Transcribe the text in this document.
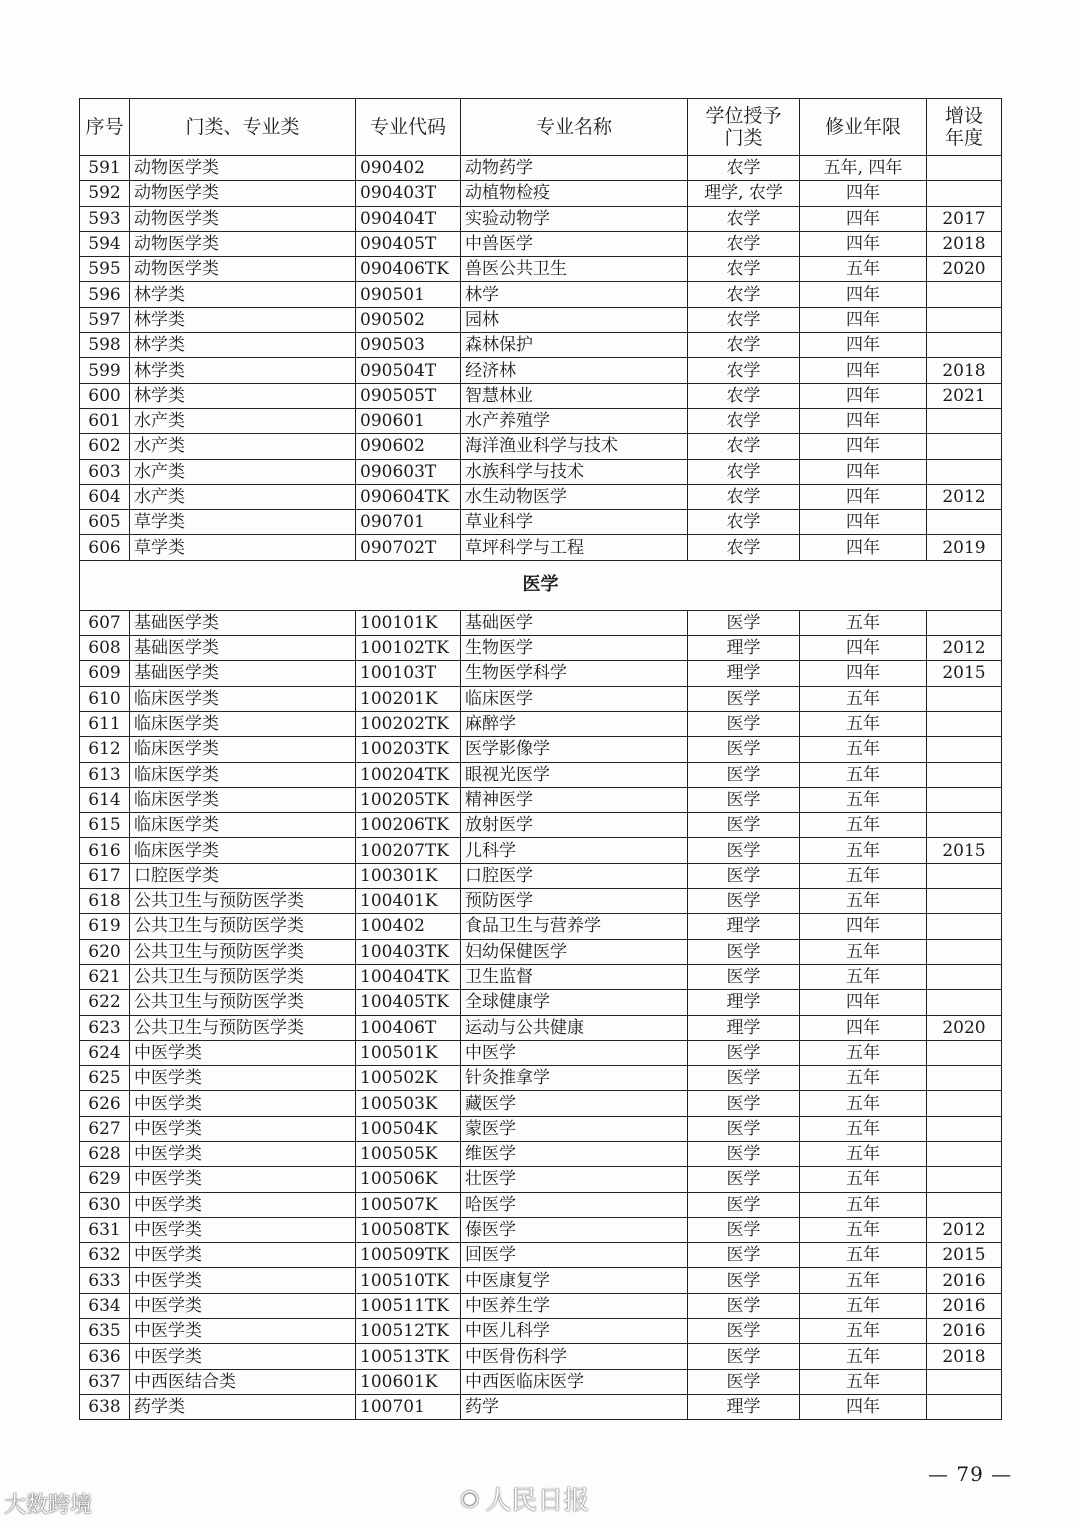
序号	门类、专业类	专业代码	专业名称	学位授予门类	修业年限	增设年度
591	动物医学类	090402	动物药学	农学	五年, 四年	
592	动物医学类	090403T	动植物检疫	理学, 农学	四年	
593	动物医学类	090404T	实验动物学	农学	四年	2017
594	动物医学类	090405T	中兽医学	农学	四年	2018
595	动物医学类	090406TK	兽医公共卫生	农学	五年	2020
596	林学类	090501	林学	农学	四年	
597	林学类	090502	园林	农学	四年	
598	林学类	090503	森林保护	农学	四年	
599	林学类	090504T	经济林	农学	四年	2018
600	林学类	090505T	智慧林业	农学	四年	2021
601	水产类	090601	水产养殖学	农学	四年	
602	水产类	090602	海洋渔业科学与技术	农学	四年	
603	水产类	090603T	水族科学与技术	农学	四年	
604	水产类	090604TK	水生动物医学	农学	四年	2012
605	草学类	090701	草业科学	农学	四年	
606	草学类	090702T	草坪科学与工程	农学	四年	2019
医学						
607	基础医学类	100101K	基础医学	医学	五年	
608	基础医学类	100102TK	生物医学	理学	四年	2012
609	基础医学类	100103T	生物医学科学	理学	四年	2015
610	临床医学类	100201K	临床医学	医学	五年	
611	临床医学类	100202TK	麻醉学	医学	五年	
612	临床医学类	100203TK	医学影像学	医学	五年	
613	临床医学类	100204TK	眼视光医学	医学	五年	
614	临床医学类	100205TK	精神医学	医学	五年	
615	临床医学类	100206TK	放射医学	医学	五年	
616	临床医学类	100207TK	儿科学	医学	五年	2015
617	口腔医学类	100301K	口腔医学	医学	五年	
618	公共卫生与预防医学类	100401K	预防医学	医学	五年	
619	公共卫生与预防医学类	100402	食品卫生与营养学	理学	四年	
620	公共卫生与预防医学类	100403TK	妇幼保健医学	医学	五年	
621	公共卫生与预防医学类	100404TK	卫生监督	医学	五年	
622	公共卫生与预防医学类	100405TK	全球健康学	理学	四年	
623	公共卫生与预防医学类	100406T	运动与公共健康	理学	四年	2020
624	中医学类	100501K	中医学	医学	五年	
625	中医学类	100502K	针灸推拿学	医学	五年	
626	中医学类	100503K	藏医学	医学	五年	
627	中医学类	100504K	蒙医学	医学	五年	
628	中医学类	100505K	维医学	医学	五年	
629	中医学类	100506K	壮医学	医学	五年	
630	中医学类	100507K	哈医学	医学	五年	
631	中医学类	100508TK	傣医学	医学	五年	2012
632	中医学类	100509TK	回医学	医学	五年	2015
633	中医学类	100510TK	中医康复学	医学	五年	2016
634	中医学类	100511TK	中医养生学	医学	五年	2016
635	中医学类	100512TK	中医儿科学	医学	五年	2016
636	中医学类	100513TK	中医骨伤科学	医学	五年	2018
637	中西医结合类	100601K	中西医临床医学	医学	五年	
638	药学类	100701	药学	理学	四年	
— 79 —
大数跨境	◉ 人民日报
